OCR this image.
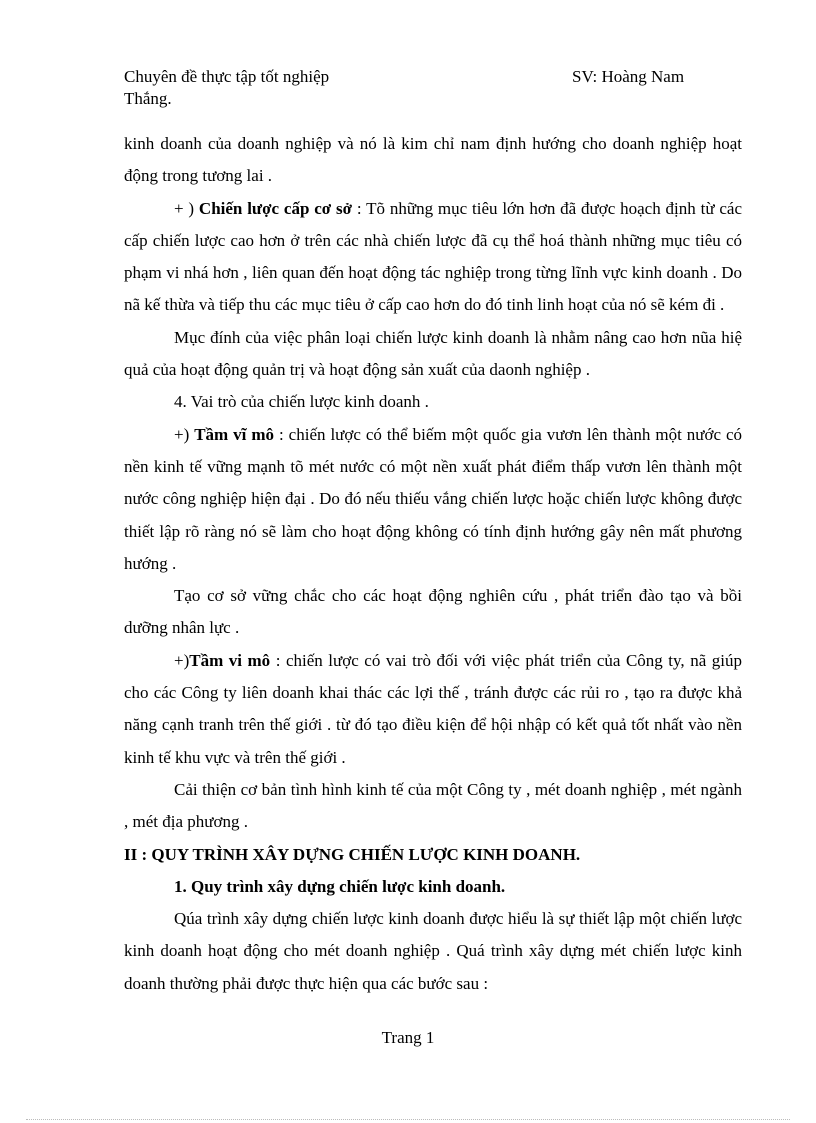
Chuyên đề thực tập tốt nghiệp
Thắng.
SV: Hoàng Nam

kinh doanh của doanh nghiệp và nó là kim chỉ nam định hướng cho doanh nghiệp hoạt động trong tương lai .

+ ) Chiến lược cấp cơ sở : Tõ những mục tiêu lớn hơn đã được hoạch định từ các cấp chiến lược cao hơn ở trên các nhà chiến lược đã cụ thể hoá thành những mục tiêu có phạm vi nhá hơn , liên quan đến hoạt động tác nghiệp trong từng lĩnh vực kinh doanh . Do nã kế thừa và tiếp thu các mục tiêu ở cấp cao hơn do đó tinh linh hoạt của nó sẽ kém đi .

Mục đính của việc phân loại chiến lược kinh doanh là nhằm nâng cao hơn nũa hiệ quả của hoạt động quản trị và hoạt động sản xuất của daonh nghiệp .

4. Vai trò của chiến lược kinh doanh .

+) Tầm vĩ mô : chiến lược có thể biếm một quốc gia vươn lên thành một nước có nền kinh tế vững mạnh tõ mét nước có một nền xuất phát điểm thấp vươn lên thành một nước công nghiệp hiện đại . Do đó nếu thiếu vắng chiến lược hoặc chiến lược không được thiết lập rõ ràng nó sẽ làm cho hoạt động không có tính định hướng gây nên mất phương hướng .

Tạo cơ sở vững chắc cho các hoạt động nghiên cứu , phát triển đào tạo và bồi dưỡng nhân lực .

+)Tầm vi mô : chiến lược có vai trò đối với việc phát triển của Công ty, nã giúp cho các Công ty liên doanh khai thác các lợi thế , tránh được các rủi ro , tạo ra được khả năng cạnh tranh trên thế giới . từ đó tạo điều kiện để hội nhập có kết quả tốt nhất vào nền kinh tế khu vực và trên thế giới .

Cải thiện cơ bản tình hình kinh tế của một Công ty , mét doanh nghiệp , mét ngành , mét địa phương .

II : QUY TRÌNH XÂY DỰNG CHIẾN LƯỢC KINH DOANH.

1. Quy trình xây dựng chiến lược kinh doanh.

Qúa trình xây dựng chiến lược kinh doanh được hiểu là sự thiết lập một chiến lược kinh doanh hoạt động cho mét doanh nghiệp . Quá trình xây dựng mét chiến lược kinh doanh thường phải được thực hiện qua các bước sau :

Trang 1
